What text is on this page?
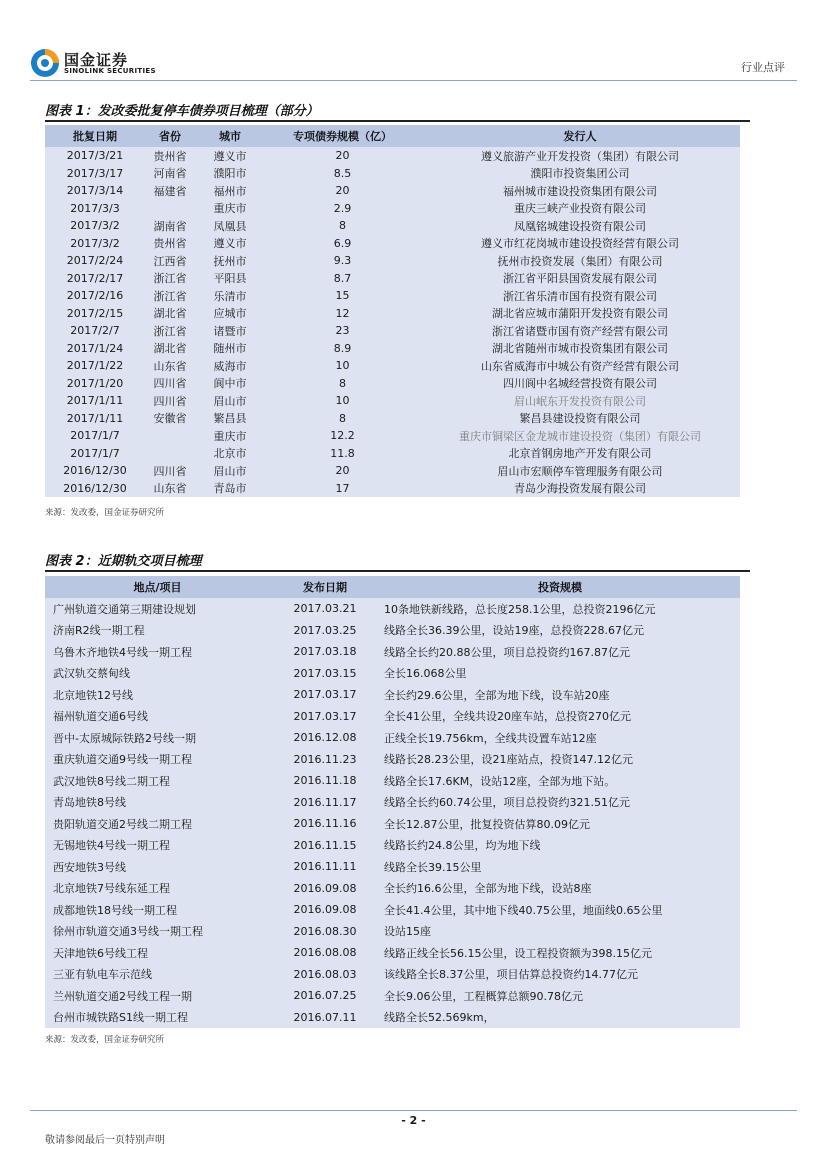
国金证券
SINOLINK SECURITIES	行业点评
图表 1：发改委批复停车债券项目梳理（部分）
批复日期	省份	城市	专项债券规模（亿）	发行人
2017/3/21	贵州省	遵义市	20	遵义旅游产业开发投资（集团）有限公司
2017/3/17	河南省	濮阳市	8.5	濮阳市投资集团公司
2017/3/14	福建省	福州市	20	福州城市建设投资集团有限公司
2017/3/3		重庆市	2.9	重庆三峡产业投资有限公司
2017/3/2	湖南省	凤凰县	8	凤凰铭城建设投资有限公司
2017/3/2	贵州省	遵义市	6.9	遵义市红花岗城市建设投资经营有限公司
2017/2/24	江西省	抚州市	9.3	抚州市投资发展（集团）有限公司
2017/2/17	浙江省	平阳县	8.7	浙江省平阳县国资发展有限公司
2017/2/16	浙江省	乐清市	15	浙江省乐清市国有投资有限公司
2017/2/15	湖北省	应城市	12	湖北省应城市蒲阳开发投资有限公司
2017/2/7	浙江省	诸暨市	23	浙江省诸暨市国有资产经营有限公司
2017/1/24	湖北省	随州市	8.9	湖北省随州市城市投资集团有限公司
2017/1/22	山东省	威海市	10	山东省威海市中城公有资产经营有限公司
2017/1/20	四川省	阆中市	8	四川阆中名城经营投资有限公司
2017/1/11	四川省	眉山市	10	眉山岷东开发投资有限公司
2017/1/11	安徽省	繁昌县	8	繁昌县建设投资有限公司
2017/1/7		重庆市	12.2	重庆市铜梁区金龙城市建设投资（集团）有限公司
2017/1/7		北京市	11.8	北京首钢房地产开发有限公司
2016/12/30	四川省	眉山市	20	眉山市宏顺停车管理服务有限公司
2016/12/30	山东省	青岛市	17	青岛少海投资发展有限公司
来源：发改委，国金证券研究所
图表 2：近期轨交项目梳理
地点/项目	发布日期	投资规模
广州轨道交通第三期建设规划	2017.03.21	10条地铁新线路，总长度258.1公里，总投资2196亿元
济南R2线一期工程	2017.03.25	线路全长36.39公里，设站19座，总投资228.67亿元
乌鲁木齐地铁4号线一期工程	2017.03.18	线路全长约20.88公里，项目总投资约167.87亿元
武汉轨交蔡甸线	2017.03.15	全长16.068公里
北京地铁12号线	2017.03.17	全长约29.6公里，全部为地下线，设车站20座
福州轨道交通6号线	2017.03.17	全长41公里，全线共设20座车站，总投资270亿元
晋中-太原城际铁路2号线一期	2016.12.08	正线全长19.756km，全线共设置车站12座
重庆轨道交通9号线一期工程	2016.11.23	线路长28.23公里，设21座站点，投资147.12亿元
武汉地铁8号线二期工程	2016.11.18	线路全长17.6KM，设站12座，全部为地下站。
青岛地铁8号线	2016.11.17	线路全长约60.74公里，项目总投资约321.51亿元
贵阳轨道交通2号线二期工程	2016.11.16	全长12.87公里，批复投资估算80.09亿元
无锡地铁4号线一期工程	2016.11.15	线路长约24.8公里，均为地下线
西安地铁3号线	2016.11.11	线路全长39.15公里
北京地铁7号线东延工程	2016.09.08	全长约16.6公里，全部为地下线，设站8座
成都地铁18号线一期工程	2016.09.08	全长41.4公里，其中地下线40.75公里，地面线0.65公里
徐州市轨道交通3号线一期工程	2016.08.30	设站15座
天津地铁6号线工程	2016.08.08	线路正线全长56.15公里，设工程投资额为398.15亿元
三亚有轨电车示范线	2016.08.03	该线路全长8.37公里，项目估算总投资约14.77亿元
兰州轨道交通2号线工程一期	2016.07.25	全长9.06公里，工程概算总额90.78亿元
台州市城铁路S1线一期工程	2016.07.11	线路全长52.569km，
来源：发改委，国金证券研究所
- 2 -
敬请参阅最后一页特别声明
